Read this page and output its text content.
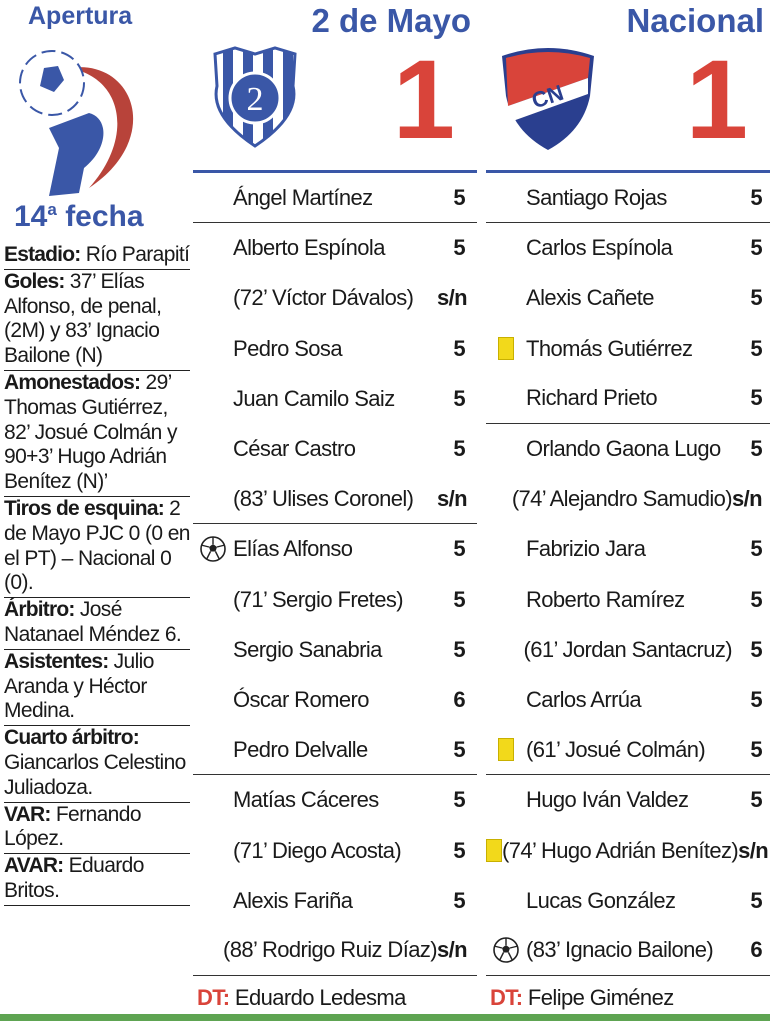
Apertura
14$^a$ fecha
Estadio: Río Parapití
Goles: 37’ Elías Alfonso, de penal, (2M) y 83’ Ignacio Bailone (N)
Amonestados: 29’ Thomas Gutiérrez, 82’ Josué Colmán y 90+3’ Hugo Adrián Benítez (N)’
Tiros de esquina: 2 de Mayo PJC 0 (0 en el PT) – Nacional 0 (0).
Árbitro: José Natanael Méndez 6.
Asistentes: Julio Aranda y Héctor Medina.
Cuarto árbitro: Giancarlos Celestino Juliadoza.
VAR: Fernando López.
AVAR: Eduardo Britos.
2 de Mayo
2 1
Ángel Martínez	5
Alberto Espínola	5
(72’ Víctor Dávalos)	s/n
Pedro Sosa	5
Juan Camilo Saiz	5
César Castro	5
(83’ Ulises Coronel)	s/n
Elías Alfonso	5
(71’ Sergio Fretes)	5
Sergio Sanabria	5
Óscar Romero	6
Pedro Delvalle	5
Matías Cáceres	5
(71’ Diego Acosta)	5
Alexis Fariña	5
(88’ Rodrigo Ruiz Díaz) s/n
DT: Eduardo Ledesma
Nacional
CN 1
Santiago Rojas	5
Carlos Espínola	5
Alexis Cañete	5
Thomás Gutiérrez	5
Richard Prieto	5
Orlando Gaona Lugo	5
(74’ Alejandro Samudio) s/n
Fabrizio Jara	5
Roberto Ramírez	5
(61’ Jordan Santacruz) 5
Carlos Arrúa	5
(61’ Josué Colmán)	5
Hugo Iván Valdez	5
(74’ Hugo Adrián Benítez) s/n
Lucas González	5
(83’ Ignacio Bailone)	6
DT: Felipe Giménez
